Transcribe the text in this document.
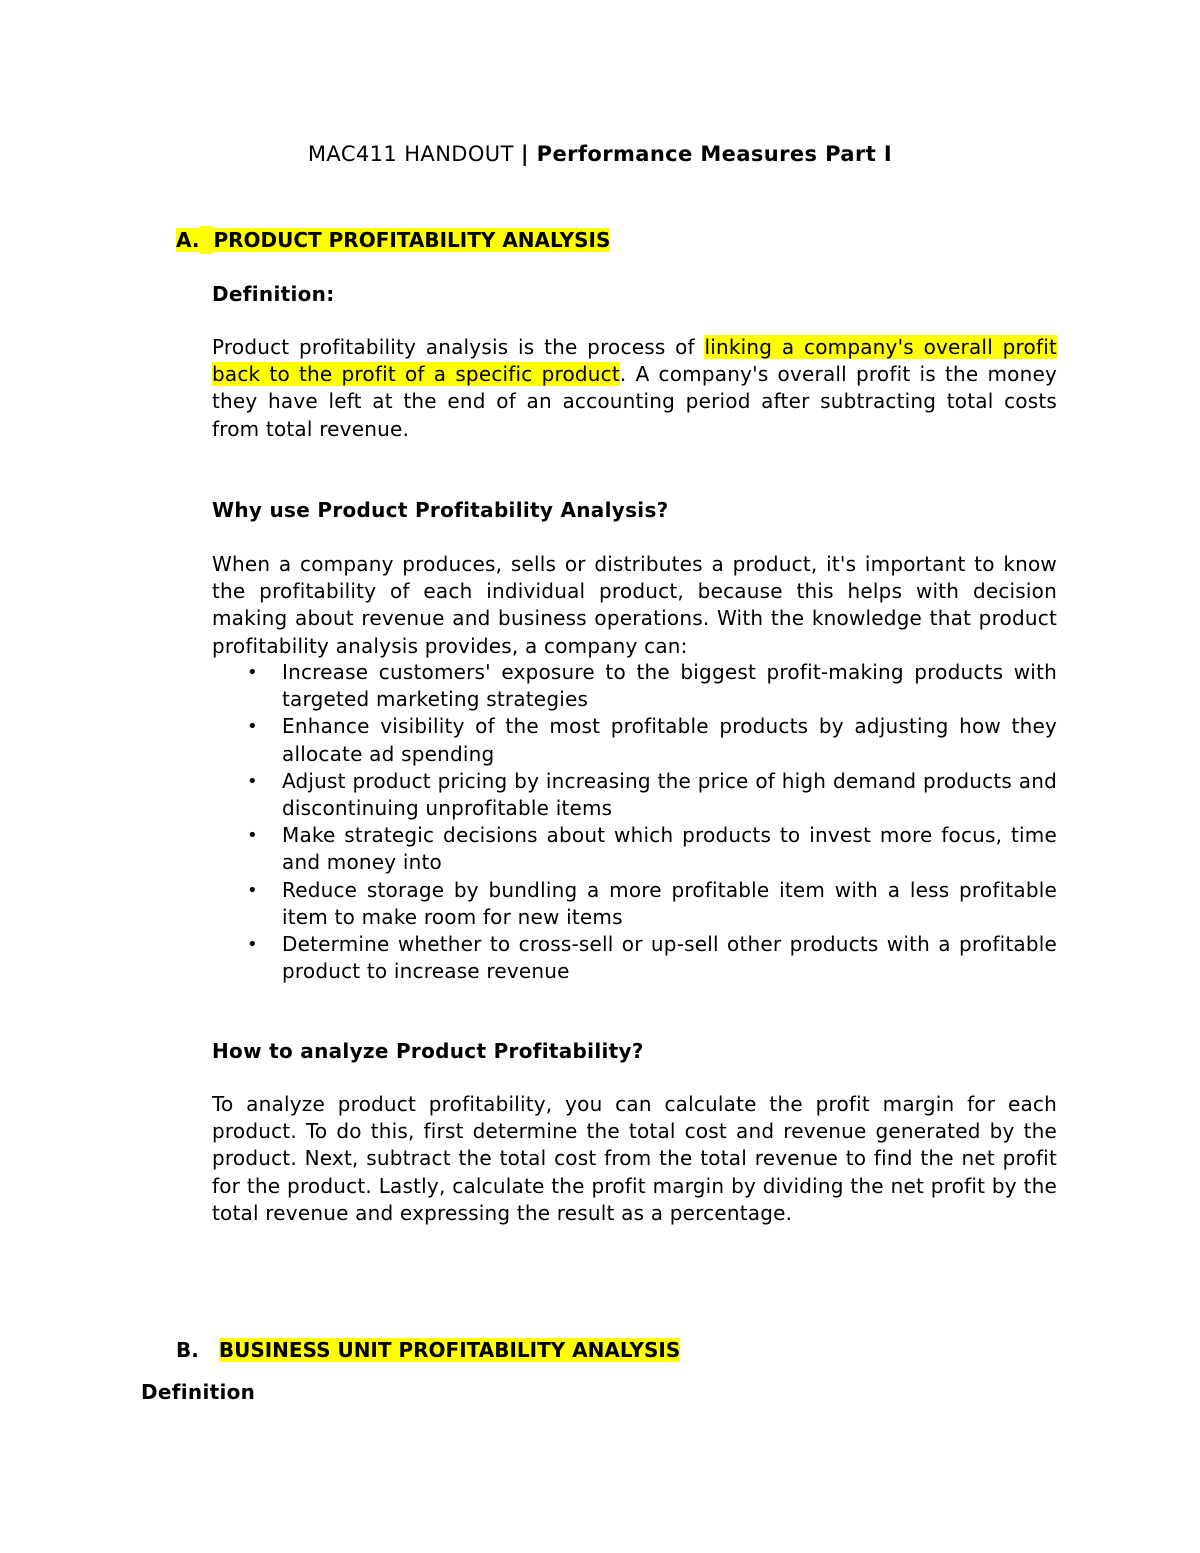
MAC411 HANDOUT | Performance Measures Part I
A. PRODUCT PROFITABILITY ANALYSIS
Definition:
Product profitability analysis is the process of linking a company's overall profit back to the profit of a specific product. A company's overall profit is the money they have left at the end of an accounting period after subtracting total costs from total revenue.
Why use Product Profitability Analysis?
When a company produces, sells or distributes a product, it's important to know the profitability of each individual product, because this helps with decision making about revenue and business operations. With the knowledge that product profitability analysis provides, a company can:
• Increase customers' exposure to the biggest profit-making products with targeted marketing strategies
• Enhance visibility of the most profitable products by adjusting how they allocate ad spending
• Adjust product pricing by increasing the price of high demand products and discontinuing unprofitable items
• Make strategic decisions about which products to invest more focus, time and money into
• Reduce storage by bundling a more profitable item with a less profitable item to make room for new items
• Determine whether to cross-sell or up-sell other products with a profitable product to increase revenue
How to analyze Product Profitability?
To analyze product profitability, you can calculate the profit margin for each product. To do this, first determine the total cost and revenue generated by the product. Next, subtract the total cost from the total revenue to find the net profit for the product. Lastly, calculate the profit margin by dividing the net profit by the total revenue and expressing the result as a percentage.
B. BUSINESS UNIT PROFITABILITY ANALYSIS
Definition
